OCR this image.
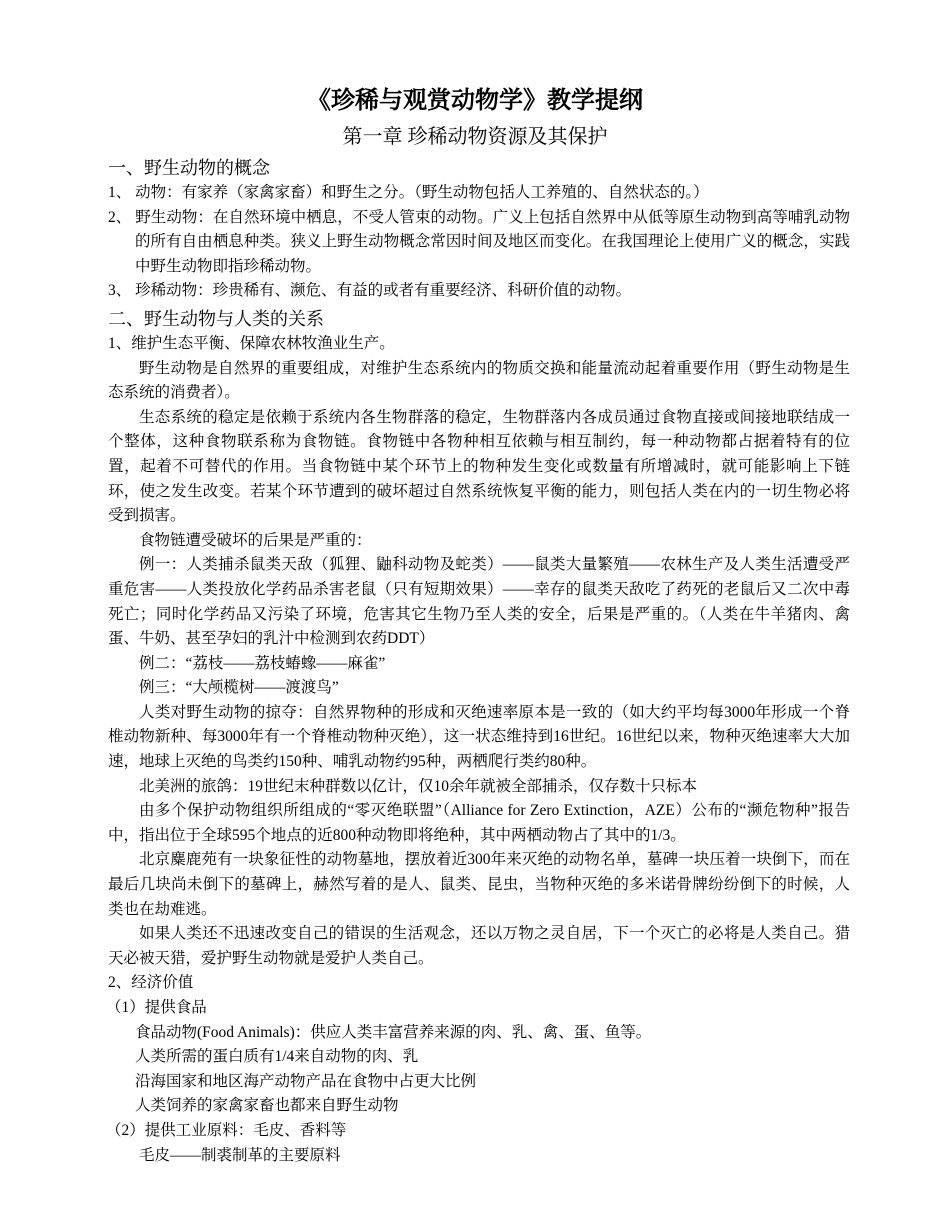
《珍稀与观赏动物学》教学提纲
第一章 珍稀动物资源及其保护
一、野生动物的概念

1、 动物：有家养（家禽家畜）和野生之分。（野生动物包括人工养殖的、自然状态的。）

2、 野生动物：在自然环境中栖息，不受人管束的动物。广义上包括自然界中从低等原生动物到高等哺乳动物的所有自由栖息种类。狭义上野生动物概念常因时间及地区而变化。在我国理论上使用广义的概念，实践中野生动物即指珍稀动物。

3、 珍稀动物：珍贵稀有、濒危、有益的或者有重要经济、科研价值的动物。

二、野生动物与人类的关系

1、维护生态平衡、保障农林牧渔业生产。

野生动物是自然界的重要组成，对维护生态系统内的物质交换和能量流动起着重要作用（野生动物是生态系统的消费者）。

生态系统的稳定是依赖于系统内各生物群落的稳定，生物群落内各成员通过食物直接或间接地联结成一个整体，这种食物联系称为食物链。食物链中各物种相互依赖与相互制约，每一种动物都占据着特有的位置，起着不可替代的作用。当食物链中某个环节上的物种发生变化或数量有所增减时，就可能影响上下链环，使之发生改变。若某个环节遭到的破坏超过自然系统恢复平衡的能力，则包括人类在内的一切生物必将受到损害。

食物链遭受破坏的后果是严重的：

例一：人类捕杀鼠类天敌（狐狸、鼬科动物及蛇类）——鼠类大量繁殖——农林生产及人类生活遭受严重危害——人类投放化学药品杀害老鼠（只有短期效果）——幸存的鼠类天敌吃了药死的老鼠后又二次中毒死亡；同时化学药品又污染了环境，危害其它生物乃至人类的安全，后果是严重的。（人类在牛羊猪肉、禽蛋、牛奶、甚至孕妇的乳汁中检测到农药DDT）

例二：“荔枝——荔枝蝽蟓——麻雀”

例三：“大颅榄树——渡渡鸟”

人类对野生动物的掠夺：自然界物种的形成和灭绝速率原本是一致的（如大约平均每3000年形成一个脊椎动物新种、每3000年有一个脊椎动物种灭绝），这一状态维持到16世纪。16世纪以来，物种灭绝速率大大加速，地球上灭绝的鸟类约150种、哺乳动物约95种，两栖爬行类约80种。

北美洲的旅鸽：19世纪末种群数以亿计，仅10余年就被全部捕杀，仅存数十只标本

由多个保护动物组织所组成的“零灭绝联盟”（Alliance for Zero Extinction，AZE）公布的“濒危物种”报告中，指出位于全球595个地点的近800种动物即将绝种，其中两栖动物占了其中的1/3。

北京麋鹿苑有一块象征性的动物墓地，摆放着近300年来灭绝的动物名单，墓碑一块压着一块倒下，而在最后几块尚未倒下的墓碑上，赫然写着的是人、鼠类、昆虫，当物种灭绝的多米诺骨牌纷纷倒下的时候，人类也在劫难逃。

如果人类还不迅速改变自己的错误的生活观念，还以万物之灵自居，下一个灭亡的必将是人类自己。猎天必被天猎，爱护野生动物就是爱护人类自己。

2、经济价值

（1）提供食品

食品动物(Food Animals)：供应人类丰富营养来源的肉、乳、禽、蛋、鱼等。

人类所需的蛋白质有1/4来自动物的肉、乳

沿海国家和地区海产动物产品在食物中占更大比例

人类饲养的家禽家畜也都来自野生动物

（2）提供工业原料：毛皮、香料等

毛皮——制裘制革的主要原料
